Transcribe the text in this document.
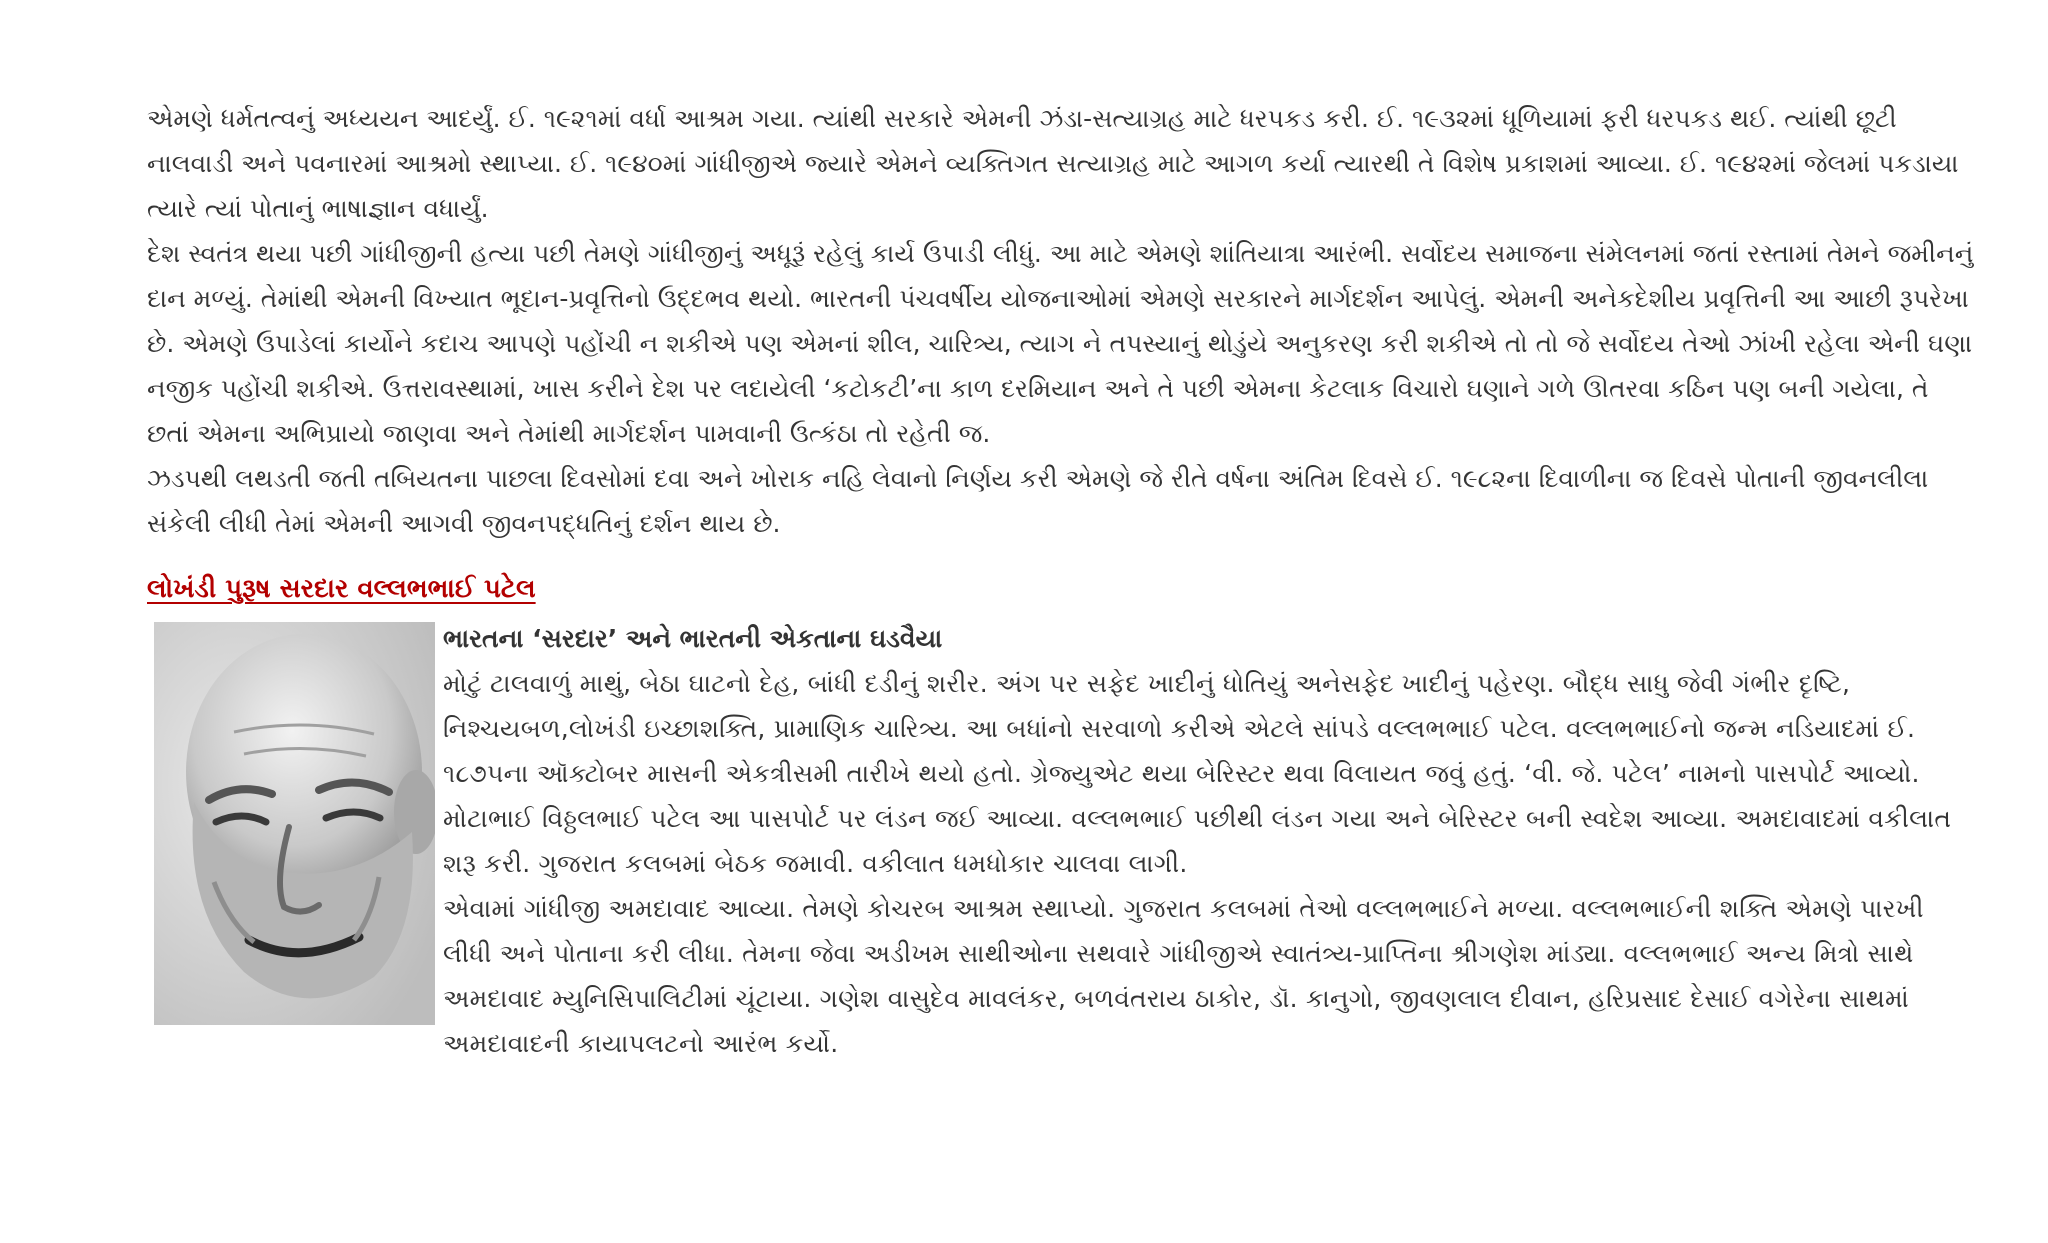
એમણે ધર્મતત્વનું અધ્યયન આદર્યું. ઈ. ૧૯૨૧માં વર્ધા આશ્રમ ગયા. ત્યાંથી સરકારે એમની ઝંડા-સત્યાગ્રહ માટે ધરપકડ કરી. ઈ. ૧૯૩૨માં ધૂળિયામાં ફરી ધરપકડ થઈ. ત્યાંથી છૂટી નાલવાડી અને પવનારમાં આશ્રમો સ્થાપ્યા. ઈ. ૧૯૪૦માં ગાંધીજીએ જ્યારે એમને વ્યક્તિગત સત્યાગ્રહ માટે આગળ કર્યા ત્યારથી તે વિશેષ પ્રકાશમાં આવ્યા. ઈ. ૧૯૪૨માં જેલમાં પકડાયા ત્યારે ત્યાં પોતાનું ભાષાજ્ઞાન વધાર્યું.

દેશ સ્વતંત્ર થયા પછી ગાંધીજીની હત્યા પછી તેમણે ગાંધીજીનું અધૂરૂં રહેલું કાર્ય ઉપાડી લીધું. આ માટે એમણે શાંતિયાત્રા આરંભી. સર્વોદય સમાજના સંમેલનમાં જતાં રસ્તામાં તેમને જમીનનું દાન મળ્યું. તેમાંથી એમની વિખ્યાત ભૂદાન-પ્રવૃત્તિનો ઉદ્દભવ થયો. ભારતની પંચવર્ષીય યોજનાઓમાં એમણે સરકારને માર્ગદર્શન આપેલું. એમની અનેકદેશીય પ્રવૃત્તિની આ આછી રૂપરેખા છે. એમણે ઉપાડેલાં કાર્યોને કદાચ આપણે પહોંચી ન શકીએ પણ એમનાં શીલ, ચારિત્ર્ય, ત્યાગ ને તપસ્યાનું થોડુંયે અનુકરણ કરી શકીએ તો તો જે સર્વોદય તેઓ ઝાંખી રહેલા એની ઘણા નજીક પહોંચી શકીએ. ઉત્તરાવસ્થામાં, ખાસ કરીને દેશ પર લદાયેલી ‘કટોકટી’ના કાળ દરમિયાન અને તે પછી એમના કેટલાક વિચારો ઘણાને ગળે ઊતરવા કઠિન પણ બની ગયેલા, તે છતાં એમના અભિપ્રાયો જાણવા અને તેમાંથી માર્ગદર્શન પામવાની ઉત્કંઠા તો રહેતી જ.

ઝડપથી લથડતી જતી તબિયતના પાછલા દિવસોમાં દવા અને ખોરાક નહિ લેવાનો નિર્ણય કરી એમણે જે રીતે વર્ષના અંતિમ દિવસે ઈ. ૧૯૮૨ના દિવાળીના જ દિવસે પોતાની જીવનલીલા સંકેલી લીધી તેમાં એમની આગવી જીવનપદ્ધતિનું દર્શન થાય છે.

લોખંડી પુરૂષ સરદાર વલ્લભભાઈ પટેલ

ભારતના ‘સરદાર’ અને ભારતની એકતાના ઘડવૈયા

મોટું ટાલવાળું માથું, બેઠા ઘાટનો દેહ, બાંધી દડીનું શરીર. અંગ પર સફેદ ખાદીનું ધોતિયું અનેસફેદ ખાદીનું પહેરણ. બૌદ્ધ સાધુ જેવી ગંભીર દૃષ્ટિ, નિશ્ચયબળ,લોખંડી ઇચ્છાશક્તિ, પ્રામાણિક ચારિત્ર્ય. આ બધાંનો સરવાળો કરીએ એટલે સાંપડે વલ્લભભાઈ પટેલ. વલ્લભભાઈનો જન્મ નડિયાદમાં ઈ. ૧૮૭૫ના ઑક્ટોબર માસની એકત્રીસમી તારીખે થયો હતો. ગ્રેજ્યુએટ થયા બેરિસ્ટર થવા વિલાયત જવું હતું. ‘વી. જે. પટેલ’ નામનો પાસપોર્ટ આવ્યો. મોટાભાઈ વિઠ્ઠલભાઈ પટેલ આ પાસપોર્ટ પર લંડન જઈ આવ્યા. વલ્લભભાઈ પછીથી લંડન ગયા અને બેરિસ્ટર બની સ્વદેશ આવ્યા. અમદાવાદમાં વકીલાત શરૂ કરી. ગુજરાત કલબમાં બેઠક જમાવી. વકીલાત ધમધોકાર ચાલવા લાગી.

એવામાં ગાંધીજી અમદાવાદ આવ્યા. તેમણે કોચરબ આશ્રમ સ્થાપ્યો. ગુજરાત કલબમાં તેઓ વલ્લભભાઈને મળ્યા. વલ્લભભાઈની શક્તિ એમણે પારખી લીધી અને પોતાના કરી લીધા. તેમના જેવા અડીખમ સાથીઓના સથવારે ગાંધીજીએ સ્વાતંત્ર્ય-પ્રાપ્તિના શ્રીગણેશ માંડ્યા. વલ્લભભાઈ અન્ય મિત્રો સાથે અમદાવાદ મ્યુનિસિપાલિટીમાં ચૂંટાયા. ગણેશ વાસુદેવ માવલંકર, બળવંતરાય ઠાકોર, ડૉ. કાનુગો, જીવણલાલ દીવાન, હરિપ્રસાદ દેસાઈ વગેરેના સાથમાં અમદાવાદની કાયાપલટનો આરંભ કર્યો.
